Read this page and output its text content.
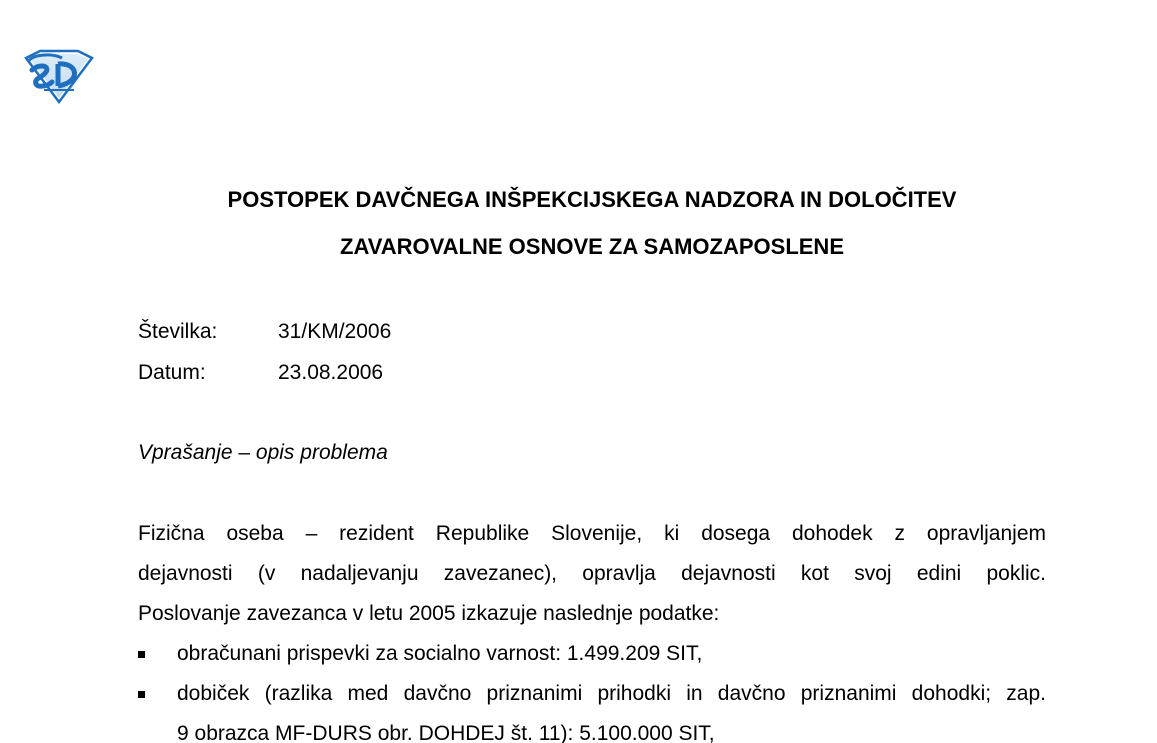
POSTOPEK DAVČNEGA INŠPEKCIJSKEGA NADZORA IN DOLOČITEV
ZAVAROVALNE OSNOVE ZA SAMOZAPOSLENE
Številka:	31/KM/2006
Datum:	23.08.2006
Vprašanje – opis problema
Fizična oseba – rezident Republike Slovenije, ki dosega dohodek z opravljanjem
dejavnosti (v nadaljevanju zavezanec), opravlja dejavnosti kot svoj edini poklic.
Poslovanje zavezanca v letu 2005 izkazuje naslednje podatke:
obračunani prispevki za socialno varnost: 1.499.209 SIT,
dobiček (razlika med davčno priznanimi prihodki in davčno priznanimi dohodki; zap.
9 obrazca MF-DURS obr. DOHDEJ št. 11): 5.100.000 SIT,
